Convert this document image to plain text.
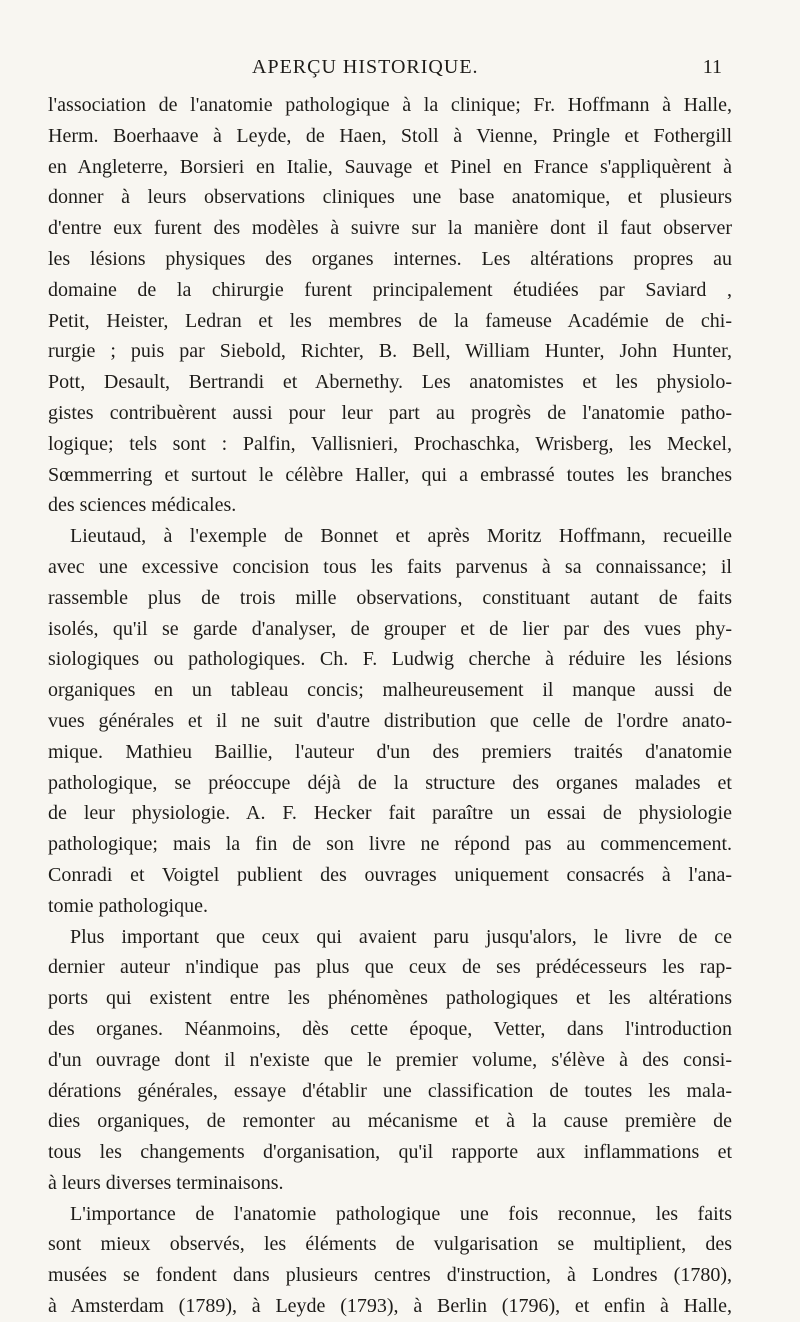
APERÇU HISTORIQUE.	11
l'association de l'anatomie pathologique à la clinique; Fr. Hoffmann à Halle,
Herm. Boerhaave à Leyde, de Haen, Stoll à Vienne, Pringle et Fothergill
en Angleterre, Borsieri en Italie, Sauvage et Pinel en France s'appliquèrent à
donner à leurs observations cliniques une base anatomique, et plusieurs
d'entre eux furent des modèles à suivre sur la manière dont il faut observer
les lésions physiques des organes internes. Les altérations propres au
domaine de la chirurgie furent principalement étudiées par Saviard ,
Petit, Heister, Ledran et les membres de la fameuse Académie de chi-
rurgie ; puis par Siebold, Richter, B. Bell, William Hunter, John Hunter,
Pott, Desault, Bertrandi et Abernethy. Les anatomistes et les physiolo-
gistes contribuèrent aussi pour leur part au progrès de l'anatomie patho-
logique; tels sont : Palfin, Vallisnieri, Prochaschka, Wrisberg, les Meckel,
Sœmmerring et surtout le célèbre Haller, qui a embrassé toutes les branches
des sciences médicales.
Lieutaud, à l'exemple de Bonnet et après Moritz Hoffmann, recueille
avec une excessive concision tous les faits parvenus à sa connaissance; il
rassemble plus de trois mille observations, constituant autant de faits
isolés, qu'il se garde d'analyser, de grouper et de lier par des vues phy-
siologiques ou pathologiques. Ch. F. Ludwig cherche à réduire les lésions
organiques en un tableau concis; malheureusement il manque aussi de
vues générales et il ne suit d'autre distribution que celle de l'ordre anato-
mique. Mathieu Baillie, l'auteur d'un des premiers traités d'anatomie
pathologique, se préoccupe déjà de la structure des organes malades et
de leur physiologie. A. F. Hecker fait paraître un essai de physiologie
pathologique; mais la fin de son livre ne répond pas au commencement.
Conradi et Voigtel publient des ouvrages uniquement consacrés à l'ana-
tomie pathologique.
Plus important que ceux qui avaient paru jusqu'alors, le livre de ce
dernier auteur n'indique pas plus que ceux de ses prédécesseurs les rap-
ports qui existent entre les phénomènes pathologiques et les altérations
des organes. Néanmoins, dès cette époque, Vetter, dans l'introduction
d'un ouvrage dont il n'existe que le premier volume, s'élève à des consi-
dérations générales, essaye d'établir une classification de toutes les mala-
dies organiques, de remonter au mécanisme et à la cause première de
tous les changements d'organisation, qu'il rapporte aux inflammations et
à leurs diverses terminaisons.
L'importance de l'anatomie pathologique une fois reconnue, les faits
sont mieux observés, les éléments de vulgarisation se multiplient, des
musées se fondent dans plusieurs centres d'instruction, à Londres (1780),
à Amsterdam (1789), à Leyde (1793), à Berlin (1796), et enfin à Halle,
